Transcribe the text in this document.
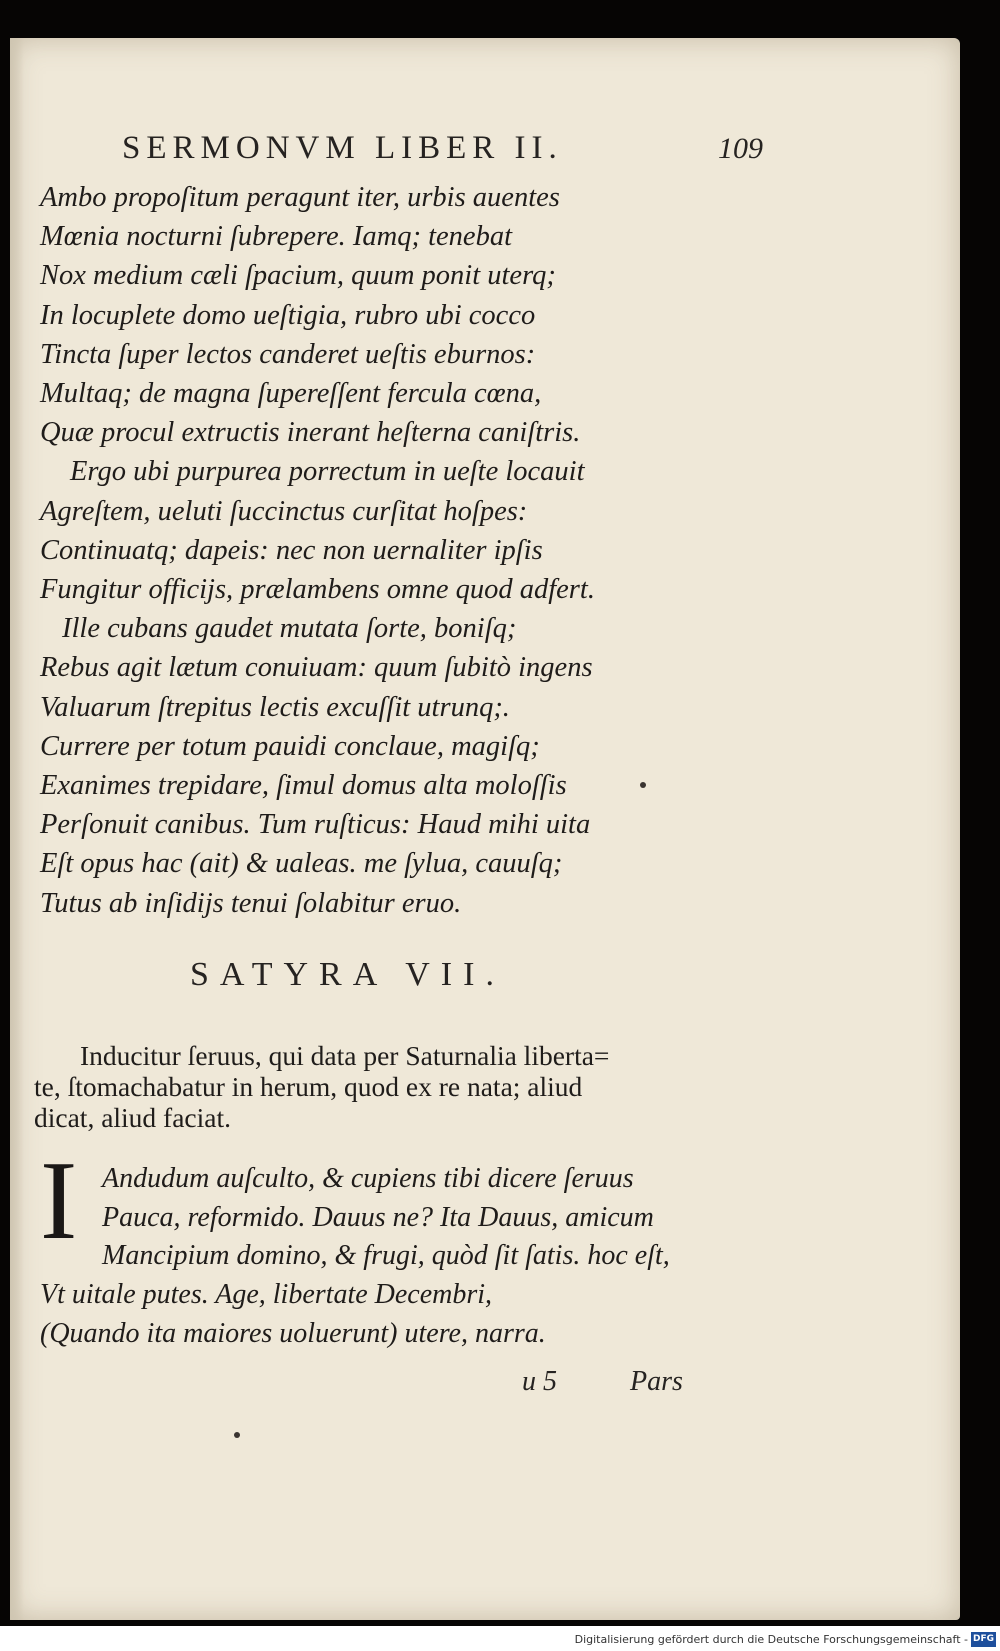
SERMONVM LIBER II.	109
Ambo propoſitum peragunt iter, urbis auentes
Mœnia nocturni ſubrepere. Iamq; tenebat
Nox medium cæli ſpacium, quum ponit uterq;
In locuplete domo ueſtigia, rubro ubi cocco
Tincta ſuper lectos canderet ueſtis eburnos:
Multaq; de magna ſupereſſent fercula cœna,
Quæ procul extructis inerant heſterna caniſtris.
Ergo ubi purpurea porrectum in ueſte locauit
Agreſtem, ueluti ſuccinctus curſitat hoſpes:
Continuatq; dapeis: nec non uernaliter ipſis
Fungitur officijs, prælambens omne quod adfert.
Ille cubans gaudet mutata ſorte, boniſq;
Rebus agit lætum conuiuam: quum ſubitò ingens
Valuarum ſtrepitus lectis excuſſit utrunq;.
Currere per totum pauidi conclaue, magiſq;
Exanimes trepidare, ſimul domus alta moloſſis
Perſonuit canibus. Tum ruſticus: Haud mihi uita
Eſt opus hac (ait) & ualeas. me ſylua, cauuſq;
Tutus ab inſidijs tenui ſolabitur eruo.
SATYRA VII.
Inducitur ſeruus, qui data per Saturnalia liberta=
te, ſtomachabatur in herum, quod ex re nata; aliud
dicat, aliud faciat.
I Andudum auſculto, & cupiens tibi dicere ſeruus
Pauca, reformido. Dauus ne? Ita Dauus, amicum
Mancipium domino, & frugi, quòd ſit ſatis. hoc eſt,
Vt uitale putes. Age, libertate Decembri,
(Quando ita maiores uoluerunt) utere, narra.
u 5	Pars
Digitalisierung gefördert durch die Deutsche Forschungsgemeinschaft - DFG
